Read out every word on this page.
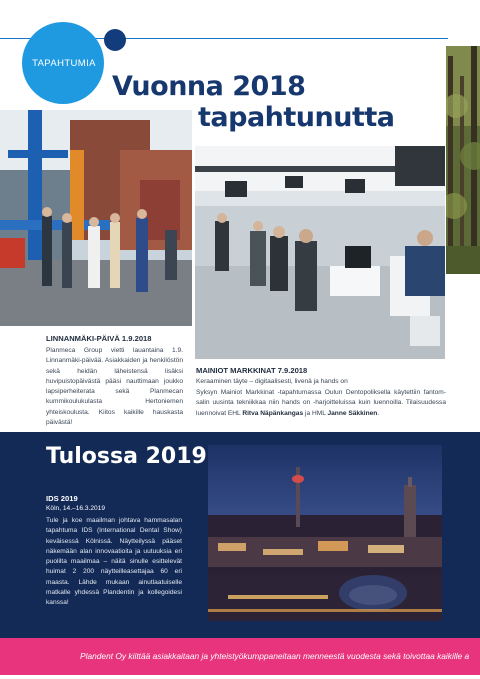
TAPAHTUMIA
Vuonna 2018
tapahtunutta
LINNANMÄKI-PÄIVÄ 1.9.2018
Planmeca Group vietti lauantaina 1.9. Linnanmäki-päivää. Asiakkaiden ja henkilöstön sekä heidän läheistensä lisäksi huvipuistopäivästä pääsi nauttimaan joukko lapsiperheiterata sekä Planmecan kummikoulukulasta Hertoniemen yhteiskoulusta. Kiitos kaikille hauskasta päivästä!
MAINIOT MARKKINAT 7.9.2018
Keraaminen täyte – digitaalisesti, livenä ja hands on
Syksyn Mainiot Markkinat -tapahtumassa Oulun Dentopoliksella käytettiin fantom-salin uusinta tekniikkaa niin hands on -harjoitteluissa kuin luennoilla. Tilaisuudessa luennoivat EHL Ritva Näpänkangas ja HML Janne Säkkinen.
Tulossa 2019
IDS 2019
Köln, 14.–16.3.2019
Tule ja koe maailman johtava hammasalan tapahtuma IDS (International Dental Show) keväisessä Kölnissä. Näytteilyssä pääset näkemään alan innovaatioita ja uutuuksia eri puolilta maailmaa – näitä sinulle esittelevät huimat 2 200 näytteilleasettajaa 60 eri maasta. Lähde mukaan ainutlaatuiselle matkalle yhdessä Plandentin ja kollegoidesi kanssa!
Plandent Oy kiittää asiakkaitaan ja yhteistyökumppaneitaan menneestä vuodesta sekä toivottaa kaikille a
